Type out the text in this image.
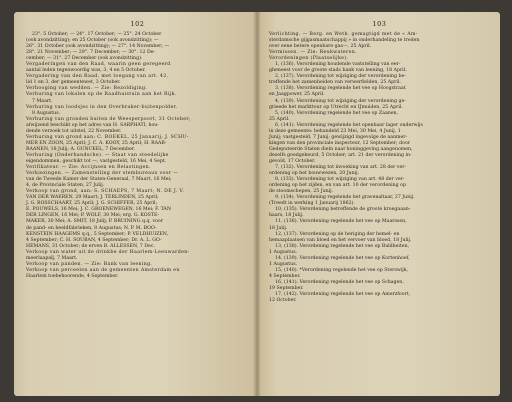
102
23°. 5 October; — 24°. 17 October; — 25°. 24 October
(ook avondzitting); en 25 October (ook avondzitting); —
26°. 31 October (ook avondzitting); — 27°. 14 November; —
28°. 21 November; — 29°. 7 December; — 30°. 12 De-
cember; — 31°. 27 December (ook avondzitting).
Vergaderingen van den Raad, waarin geen geregeerd
aantal leden tegenwoordig was, 3, 4 en 5 October.
Vergadering van den Raad, met toegang van art. 42,
lid 1 en 3, der gemeentewet, 3 October.
Verhooging van wedden. — Zie: Bezoldiging.
Verhuring van lokalen op de Raadhuistuin aan het Rijk.
7 Maart.
Verhuring van loodsjes in den Overbraker-buitenpolder.
8 Augustus.
Verhuring van gronden buiten de Weesperpoort, 31 October;
afwijzend beschikt op het adres van H. SARPHATI, hou-
dende verzoek tot uitstel, 22 November.
Verhuring van grond aan: C. BOEKEL, 25 Januarij; J. SCHU-
MER EN ZOON, 25 April; J. C. A. KOOY, 25 April; H. RAAB-
RAANEN, 18 Julij; A. GUNCKEL, 7 December.
Verhuring (Onderhandsche). — Staat van steedelijke
eigendommen, geschikt tot —, vastgesteld, 16 Mei, 4 Sept.
Verifikateur. — Zie: Accijnsen en Belastingen.
Verkiezingen. — Zamenstelling der stembureaux voor —
van de Tweede Kamer der Staten-Generaal, 7 Maart, 16 Mei;
4, de Provinciale Staten, 27 Julij.
Verkoop van grond, aan: S. SCHAEPS, 7 Maart; N. DE J. V.
VAN DER WAEREN, 29 Maart; J. TERLINDEN, 25 April;
J. G. BOSSCHAART, 25 April; J. G. SCHIFFER, 25 April;
E. POUWELS, 16 Mei; J. C. GROENEWEGEN, 16 Mei; F. TAN
DER LINGEN, 16 Mei; P. WOLF, 30 Mei; erg. G. KOSTE-
MAKER, 30 Mei; A. SMIT, 18 Julij; P. BRUINING q.q. voor
de pand- en beeldfabrieken, 8 Augustus; N. P. M. BOO-
KENSTEIN HAAGEMS q.q., 5 September; P. VELDHUIZEN,
4 September; C. H. SOUBAN, 4 September; Dr. A. L. GO-
HEMANS, 31 October; de erven B. ALLESSEN, 7 Dec.
Verkoop van water uit de drinkbe der Haarlem-Leeuwarden-
meerlaapalj, 7 Maart.
Verkoop van panden. — Zie: Bank van leening.
Verkoop van perceelen aan de gemeenten Amsterdam en
Haarlem toebehoorende, 4 September.
103
Verlichting. — Berg. en Weth. gemagtigd met de « Am-
sterdamsche gijgasmaatschappij » in onderhandeling te treden
over eene betere openbare gas—, 25 April.
Vermissen. — Zie: Reukwateren.
Verordeningen (Plaatselijke).
1, (136). Verordening houdende vaststelling van eer-
gheneest voor de groote stads bank van leening, 18 April.
2, (137). Verordening tot wijziging der verordening be-
treffende het zamenheiden van verwerfielden, 25 April.
3, (138). Verordening regelende het vee op Hoogstraat
en Jaagpower, 25 April.
4, (139). Verordening tot wijziging der verordening ge-
grieede het markttour op Utrecht en IJmuiden, 25 April.
5, (140). Verordening regelende het vee op Zaanen,
25 April.
6, (141). Verordening regelende het openbaar lager onderwijs
in deze gemeente: behandeld 23 Mei, 30 Mei, 4 Junij, 1
Junij; vastgesteld, 7 Junij; gewijzigd ingevolge de aanmer-
kingen van den provinciale inspecteur, 12 September; door
Gedeputeerde Staten dieln naar koninggeving aangenomen,
dezelfs goedgekeurd, 5 October; art. 21 der verordening in-
gevold, 17 October.
7, (132). Verordening tot invoeking van art. 28 der ver-
ordening op het bouwwezen, 20 Junij.
8, (133). Verordening tot wijziging van art. 48 der ver-
ordening op het zijden, en van art. 10 der verordening op
de stoomschepen, 25 Junij.
9, (134). Verordening regelende het gravenaltaar, 27 Junij.
(Treedt in werking 1 Januarij 1862).
10, (135). Verordening betreffende de groote kroegaaan-
haars, 18 Julij.
11, (136). Verordening regelende het vee op Maarssen,
18 Julij.
12, (137). Verordening op de heriging der hemel- en
hemaaplaatsen van bloed en het vervoer van bloed, 18 Julij.
13, (138). Verordening regelende het vee op Baldheiten,
1 Augustus.
14, (139). Verordening regelende het vee op Kortenhoef,
1 Augustus.
15, (140). *Verordening regelende het vee op Sterswijk,
4 September.
16, (141). Verordening regelende het vee op Schagen,
19 September.
17, (142). Verordening regelende het vee op Amerzfoort,
12 October.
